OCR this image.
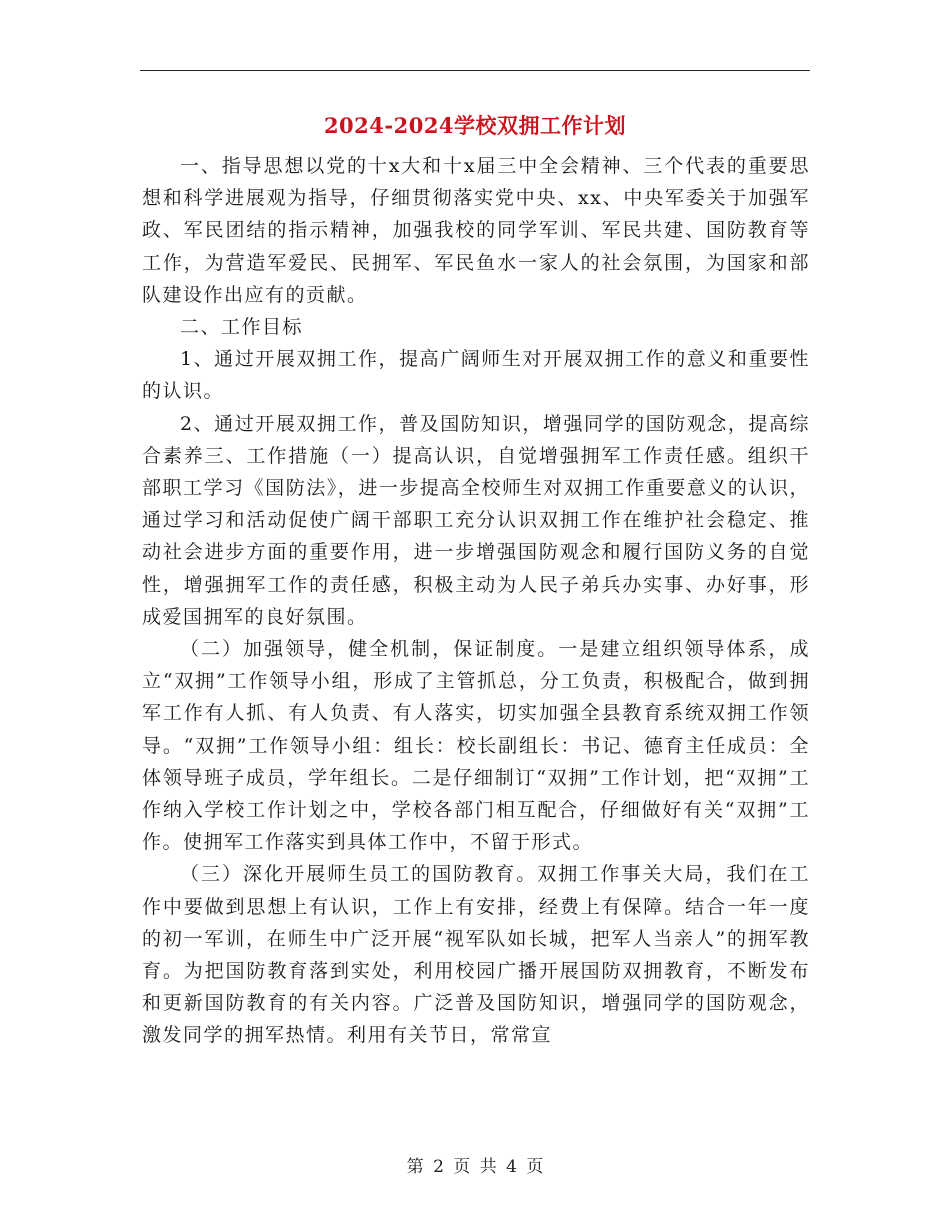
2024-2024学校双拥工作计划

一、指导思想以党的十x大和十x届三中全会精神、三个代表的重要思想和科学进展观为指导，仔细贯彻落实党中央、xx、中央军委关于加强军政、军民团结的指示精神，加强我校的同学军训、军民共建、国防教育等工作，为营造军爱民、民拥军、军民鱼水一家人的社会氛围，为国家和部队建设作出应有的贡献。

二、工作目标

1、通过开展双拥工作，提高广阔师生对开展双拥工作的意义和重要性的认识。

2、通过开展双拥工作，普及国防知识，增强同学的国防观念，提高综合素养三、工作措施（一）提高认识，自觉增强拥军工作责任感。组织干部职工学习《国防法》，进一步提高全校师生对双拥工作重要意义的认识，通过学习和活动促使广阔干部职工充分认识双拥工作在维护社会稳定、推动社会进步方面的重要作用，进一步增强国防观念和履行国防义务的自觉性，增强拥军工作的责任感，积极主动为人民子弟兵办实事、办好事，形成爱国拥军的良好氛围。

（二）加强领导，健全机制，保证制度。一是建立组织领导体系，成立“双拥”工作领导小组，形成了主管抓总，分工负责，积极配合，做到拥军工作有人抓、有人负责、有人落实，切实加强全县教育系统双拥工作领导。“双拥”工作领导小组：组长：校长副组长：书记、德育主任成员：全体领导班子成员，学年组长。二是仔细制订“双拥”工作计划，把“双拥”工作纳入学校工作计划之中，学校各部门相互配合，仔细做好有关“双拥”工作。使拥军工作落实到具体工作中，不留于形式。

（三）深化开展师生员工的国防教育。双拥工作事关大局，我们在工作中要做到思想上有认识，工作上有安排，经费上有保障。结合一年一度的初一军训，在师生中广泛开展“视军队如长城，把军人当亲人”的拥军教育。为把国防教育落到实处，利用校园广播开展国防双拥教育，不断发布和更新国防教育的有关内容。广泛普及国防知识，增强同学的国防观念，激发同学的拥军热情。利用有关节日，常常宣

第 2 页 共 4 页
